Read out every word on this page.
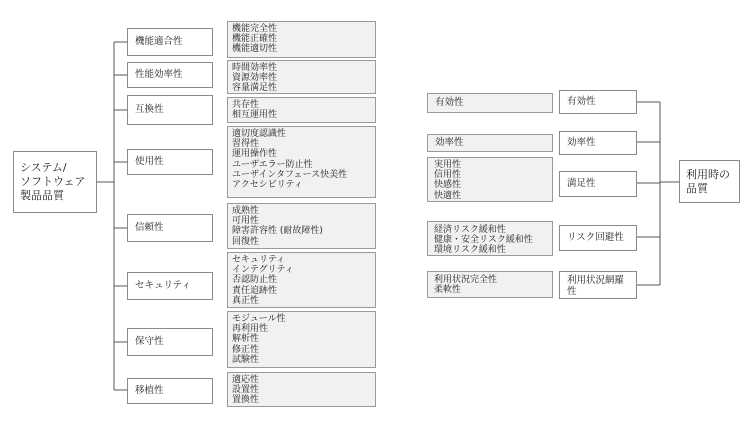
システム/
ソフトウェア
製品品質
機能適合性
性能効率性
互換性
使用性
信頼性
セキュリティ
保守性
移植性
機能完全性
機能正確性
機能適切性
時間効率性
資源効率性
容量満足性
共存性
相互運用性
適切度認識性
習得性
運用操作性
ユーザエラー防止性
ユーザインタフェース快美性
アクセシビリティ
成熟性
可用性
障害許容性 (耐故障性)
回復性
セキュリティ
インテグリティ
否認防止性
責任追跡性
真正性
モジュール性
再利用性
解析性
修正性
試験性
適応性
設置性
置換性
有効性
効率性
実用性
信用性
快感性
快適性
経済リスク緩和性
健康・安全リスク緩和性
環境リスク緩和性
利用状況完全性
柔軟性
有効性
効率性
満足性
リスク回避性
利用状況網羅
性
利用時の
品質
